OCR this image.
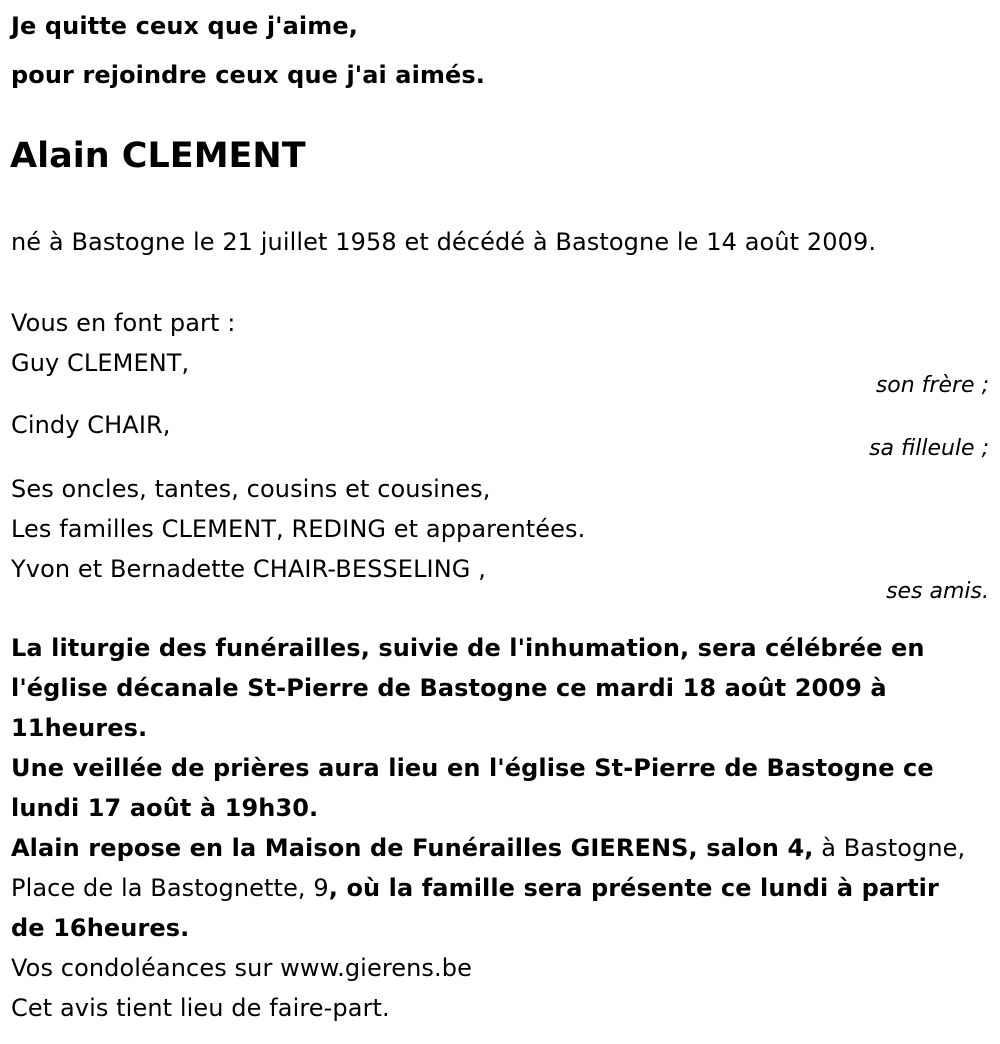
Je quitte ceux que j'aime,
pour rejoindre ceux que j'ai aimés.
Alain CLEMENT
né à Bastogne le 21 juillet 1958 et décédé à Bastogne le 14 août 2009.
Vous en font part :
Guy CLEMENT,
son frère ;
Cindy CHAIR,
sa filleule ;
Ses oncles, tantes, cousins et cousines,
Les familles CLEMENT, REDING et apparentées.
Yvon et Bernadette CHAIR-BESSELING ,
ses amis.
La liturgie des funérailles, suivie de l'inhumation, sera célébrée en
l'église décanale St-Pierre de Bastogne ce mardi 18 août 2009 à
11heures.
Une veillée de prières aura lieu en l'église St-Pierre de Bastogne ce
lundi 17 août à 19h30.
Alain repose en la Maison de Funérailles GIERENS, salon 4, à Bastogne,
Place de la Bastognette, 9, où la famille sera présente ce lundi à partir
de 16heures.
Vos condoléances sur www.gierens.be
Cet avis tient lieu de faire-part.
